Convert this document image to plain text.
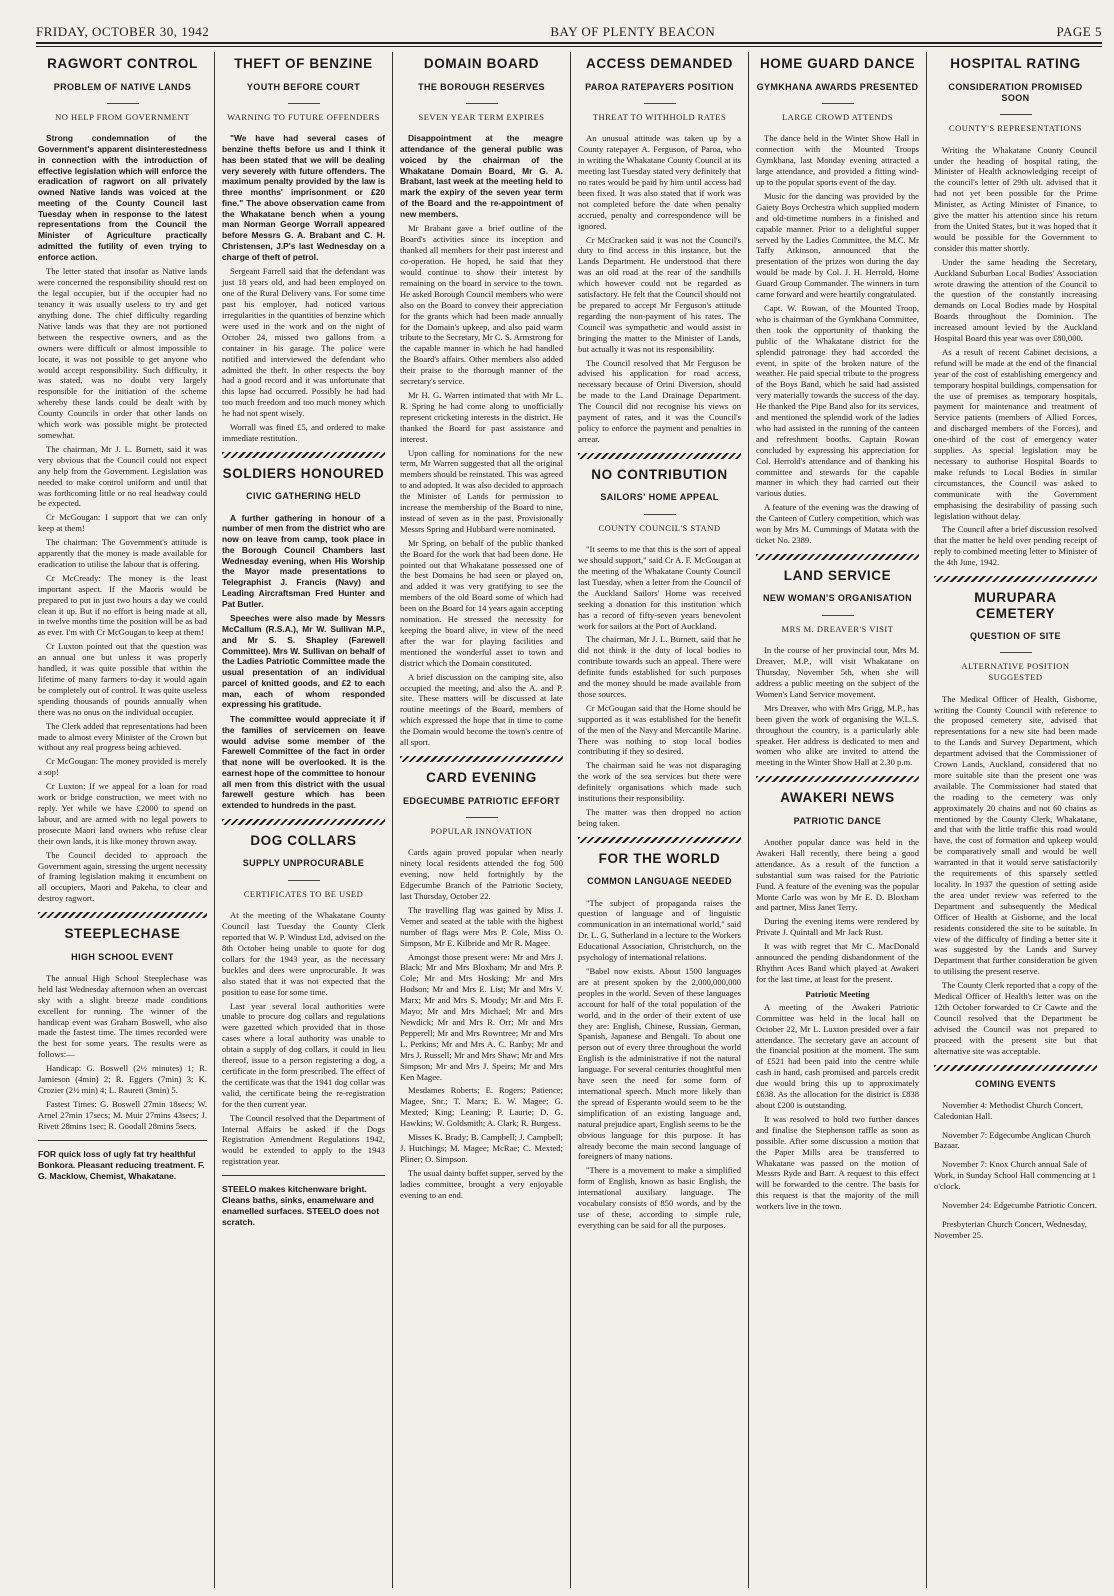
FRIDAY, OCTOBER 30, 1942	BAY OF PLENTY BEACON	PAGE 5
RAGWORT CONTROL
PROBLEM OF NATIVE LANDS
NO HELP FROM GOVERNMENT

Strong condemnation of the Government's apparent disinterestedness in connection with the introduction of effective legislation which will enforce the eradication of ragwort on all privately owned Native lands was voiced at the meeting of the County Council last Tuesday when in response to the latest representations from the Council the Minister of Agriculture practically admitted the futility of even trying to enforce action.

The letter stated that insofar as Native lands were concerned the responsibility should rest on the legal occupier, but if the occupier had no tenancy it was usually useless to try and get anything done. The chief difficulty regarding Native lands was that they are not portioned between the respective owners, and as the owners were difficult or almost impossible to locate, it was not possible to get anyone who would accept responsibility. Such difficulty, it was stated, was no doubt very largely responsible for the initiation of the scheme whereby these lands could be dealt with by County Councils in order that other lands on which work was possible might be protected somewhat.

The chairman, Mr J. L. Burnett, said it was very obvious that the Council could not expect any help from the Government. Legislation was needed to make control uniform and until that was forthcoming little or no real headway could be expected.

Cr McGougan: I support that we can only keep at them!

The chairman: The Government's attitude is apparently that the money is made available for eradication to utilise the labour that is offering.

Cr McCready: The money is the least important aspect. If the Maoris would be prepared to put in just two hours a day we could clean it up. But if no effort is being made at all, in twelve months time the position will be as bad as ever. I'm with Cr McGougan to keep at them!

Cr Luxton pointed out that the question was an annual one but unless it was properly handled, it was quite possible that within the lifetime of many farmers to-day it would again be completely out of control. It was quite useless spending thousands of pounds annually when there was no onus on the individual occupier.

The Clerk added that representations had been made to almost every Minister of the Crown but without any real progress being achieved.

Cr McGougan: The money provided is merely a sop!

Cr Luxton: If we appeal for a loan for road work or bridge construction, we meet with no reply. Yet while we have £2000 to spend on labour, and are armed with no legal powers to prosecute Maori land owners who refuse clear their own lands, it is like money thrown away.

The Council decided to approach the Government again, stressing the urgent necessity of framing legislation making it encumbent on all occupiers, Maori and Pakeha, to clear and destroy ragwort.

STEEPLECHASE
HIGH SCHOOL EVENT

The annual High School Steeplechase was held last Wednesday afternoon when an overcast sky with a slight breeze made conditions excellent for running. The winner of the handicap event was Graham Boswell, who also made the fastest time. The times recorded were the best for some years. The results were as follows:—

Handicap: G. Boswell (2½ minutes) 1; R. Jamieson (4min) 2; R. Eggers (7min) 3; K. Crozier (2½ min) 4; L. Raureti (3min) 5.

Fastest Times: G. Boswell 27min 18secs; W. Arnel 27min 17secs; M. Muir 27mins 43secs; J. Rivett 28mins 1sec; R. Goodall 28mins 5secs.

FOR quick loss of ugly fat try healthful Bonkora. Pleasant reducing treatment. F. G. Macklow, Chemist, Whakatane.

THEFT OF BENZINE
YOUTH BEFORE COURT
WARNING TO FUTURE OFFENDERS

"We have had several cases of benzine thefts before us and I think it has been stated that we will be dealing very severely with future offenders. The maximum penalty provided by the law is three months' imprisonment or £20 fine." The above observation came from the Whakatane bench when a young man Norman George Worrall appeared before Messrs G. A. Brabant and C. H. Christensen, J.P's last Wednesday on a charge of theft of petrol.

Sergeant Farrell said that the defendant was just 18 years old, and had been employed on one of the Rural Delivery vans. For some time past his employer, had noticed various irregularities in the quantities of benzine which were used in the work and on the night of October 24, missed two gallons from a container in his garage. The police were notified and interviewed the defendant who admitted the theft. In other respects the boy had a good record and it was unfortunate that this lapse had occurred. Possibly he had had too much freedom and too much money which he had not spent wisely.

Worrall was fined £5, and ordered to make immediate restitution.

SOLDIERS HONOURED
CIVIC GATHERING HELD

A further gathering in honour of a number of men from the district who are now on leave from camp, took place in the Borough Council Chambers last Wednesday evening, when His Worship the Mayor made presentations to Telegraphist J. Francis (Navy) and Leading Aircraftsman Fred Hunter and Pat Butler.

Speeches were also made by Messrs McCallum (R.S.A.), Mr W. Sullivan M.P., and Mr S. S. Shapley (Farewell Committee). Mrs W. Sullivan on behalf of the Ladies Patriotic Committee made the usual presentation of an individual parcel of knitted goods, and £2 to each man, each of whom responded expressing his gratitude.

The committee would appreciate it if the families of servicemen on leave would advise some member of the Farewell Committee of the fact in order that none will be overlooked. It is the earnest hope of the committee to honour all men from this district with the usual farewell gesture which has been extended to hundreds in the past.

DOG COLLARS
SUPPLY UNPROCURABLE
CERTIFICATES TO BE USED

At the meeting of the Whakatane County Council last Tuesday the County Clerk reported that W. P. Windust Ltd, advised on the 8th October being unable to quote for dog collars for the 1943 year, as the necessary buckles and dees were unprocurable. It was also stated that it was not expected that the position to ease for some time.

Last year several local authorities were unable to procure dog collars and regulations were gazetted which provided that in those cases where a local authority was unable to obtain a supply of dog collars, it could in lieu thereof, issue to a person registering a dog, a certificate in the form prescribed. The effect of the certificate was that the 1941 dog collar was valid, the certificate being the re-registration for the then current year.

The Council resolved that the Department of Internal Affairs be asked if the Dogs Registration Amendment Regulations 1942, would be extended to apply to the 1943 registration year.

STEELO makes kitchenware bright. Cleans baths, sinks, enamelware and enamelled surfaces. STEELO does not scratch.

DOMAIN BOARD
THE BOROUGH RESERVES
SEVEN YEAR TERM EXPIRES

Disappointment at the meagre attendance of the general public was voiced by the chairman of the Whakatane Domain Board, Mr G. A. Brabant, last week at the meeting held to mark the expiry of the seven year term of the Board and the re-appointment of new members.

Mr Brabant gave a brief outline of the Board's activities since its inception and thanked all members for their past interest and co-operation. He hoped, he said that they would continue to show their interest by remaining on the board in service to the town. He asked Borough Council members who were also on the Board to convey their appreciation for the grants which had been made annually for the Domain's upkeep, and also paid warm tribute to the Secretary, Mr C. S. Armstrong for the capable manner in which he had handled the Board's affairs. Other members also added their praise to the thorough manner of the secretary's service.

Mr H. G. Warren intimated that with Mr L. R. Spring he had come along to unofficially represent cricketing interests in the district. He thanked the Board for past assistance and interest.

Upon calling for nominations for the new term, Mr Warren suggested that all the original members should be reinstated. This was agreed to and adopted. It was also decided to approach the Minister of Lands for permission to increase the membership of the Board to nine, instead of seven as in the past. Provisionally Messrs Spring and Hubbard were nominated.

Mr Spring, on behalf of the public thanked the Board for the work that had been done. He pointed out that Whakatane possessed one of the best Domains he had seen or played on, and added it was very gratifying to see the members of the old Board some of which had been on the Board for 14 years again accepting nomination. He stressed the necessity for keeping the board alive, in view of the need after the war for playing facilities and mentioned the wonderful asset to town and district which the Domain constituted.

A brief discussion on the camping site, also occupied the meeting, and also the A. and P. site. These matters will be discussed at late routine meetings of the Board, members of which expressed the hope that in time to come the Domain would become the town's centre of all sport.

CARD EVENING
EDGECUMBE PATRIOTIC EFFORT
POPULAR INNOVATION

Cards again proved popular when nearly ninety local residents attended the fog 500 evening, now held fortnightly by the Edgecumbe Branch of the Patriotic Society, last Thursday, October 22.

The travelling flag was gained by Miss J. Verner and seated at the table with the highest number of flags were Mrs P. Cole, Miss O. Simpson, Mr E. Kilbride and Mr R. Magee.

Amongst those present were: Mr and Mrs J. Black; Mr and Mrs Bloxham; Mr and Mrs P. Cole; Mr and Mrs Hosking; Mr and Mrs Hodson; Mr and Mrs E. List; Mr and Mrs V. Marx; Mr and Mrs S. Moody; Mr and Mrs F. Mayo; Mr and Mrs Michael; Mr and Mrs Newdick; Mr and Mrs R. Orr; Mr and Mrs Pepperell; Mr and Mrs Rowntree; Mr and Mrs L. Perkins; Mr and Mrs A. C. Ranby; Mr and Mrs J. Russell; Mr and Mrs Shaw; Mr and Mrs Simpson; Mr and Mrs J. Speirs; Mr and Mrs Ken Magee.

Mesdames Roberts; E. Rogers; Patience; Magee, Snr.; T. Marx; E. W. Magee; G. Mexted; King; Leaning; P. Laurie; D. G. Hawkins; W. Goldsmith; A. Clark; R. Burgess.

Misses K. Brady; B. Campbell; J. Campbell; J. Hutchings; M. Magee; McRae; C. Mexted; Pliner; O. Simpson.

The usual dainty buffet supper, served by the ladies committee, brought a very enjoyable evening to an end.

ACCESS DEMANDED
PAROA RATEPAYERS POSITION
THREAT TO WITHHOLD RATES

An unusual attitude was taken up by a County ratepayer A. Ferguson, of Paroa, who in writing the Whakatane County Council at its meeting last Tuesday stated very definitely that no rates would be paid by him until access had been fixed. It was also stated that if work was not completed before the date when penalty accrued, penalty and correspondence will be ignored.

Cr McCracken said it was not the Council's duty to find access in this instance, but the Lands Department. He understood that there was an old road at the rear of the sandhills which however could not be regarded as satisfactory. He felt that the Council should not be prepared to accept Mr Ferguson's attitude regarding the non-payment of his rates. The Council was sympathetic and would assist in bringing the matter to the Minister of Lands, but actually it was not its responsibility.

The Council resolved that Mr Ferguson be advised his application for road access, necessary because of Orini Diversion, should be made to the Land Drainage Department. The Council did not recognise his views on payment of rates, and it was the Council's policy to enforce the payment and penalties in arrear.

NO CONTRIBUTION
SAILORS' HOME APPEAL
COUNTY COUNCIL'S STAND

"It seems to me that this is the sort of appeal we should support," said Cr A. F. McGougan at the meeting of the Whakatane County Council last Tuesday, when a letter from the Council of the Auckland Sailors' Home was received seeking a donation for this institution which has a record of fifty-seven years benevolent work for sailors at the Port of Auckland.

The chairman, Mr J. L. Burnett, said that he did not think it the duty of local bodies to contribute towards such an appeal. There were definite funds established for such purposes and the money should be made available from those sources.

Cr McGougan said that the Home should be supported as it was established for the benefit of the men of the Navy and Mercantile Marine. There was nothing to stop local bodies contributing if they so desired.

The chairman said he was not disparaging the work of the sea services but there were definitely organisations which made such institutions their responsibility.

The matter was then dropped no action being taken.

FOR THE WORLD
COMMON LANGUAGE NEEDED

"The subject of propaganda raises the question of language and of linguistic communication in an international world," said Dr. L. G. Sutherland in a lecture to the Workers Educational Association, Christchurch, on the psychology of international relations.

"Babel now exists. About 1500 languages are at present spoken by the 2,000,000,000 peoples in the world. Seven of these languages account for half of the total population of the world, and in the order of their extent of use they are: English, Chinese, Russian, German, Spanish, Japanese and Bengali. To about one person out of every three throughout the world English is the administrative if not the natural language. For several centuries thoughtful men have seen the need for some form of international speech. Much more likely than the spread of Esperanto would seem to be the simplification of an existing language and, natural prejudice apart, English seems to be the obvious language for this purpose. It has already become the main second language of foreigners of many nations.

"There is a movement to make a simplified form of English, known as basic English, the international auxiliary language. The vocabulary consists of 850 words, and by the use of these, according to simple rule, everything can be said for all the purposes.

HOME GUARD DANCE
GYMKHANA AWARDS PRESENTED
LARGE CROWD ATTENDS

The dance held in the Winter Show Hall in connection with the Mounted Troops Gymkhana, last Monday evening attracted a large attendance, and provided a fitting wind-up to the popular sports event of the day.

Music for the dancing was provided by the Gaiety Boys Orchestra which supplied modern and old-timetime numbers in a finished and capable manner. Prior to a delightful supper served by the Ladies Committee, the M.C. Mr Taffy Atkinson, announced that the presentation of the prizes won during the day would be made by Col. J. H. Herrold, Home Guard Group Commander. The winners in turn came forward and were heartily congratulated.

Capt. W. Rowan, of the Mounted Troop, who is chairman of the Gymkhana Committee, then took the opportunity of thanking the public of the Whakatane district for the splendid patronage they had accorded the event, in spite of the broken nature of the weather. He paid special tribute to the progress of the Boys Band, which he said had assisted very materially towards the success of the day. He thanked the Pipe Band also for its services, and mentioned the splendid work of the ladies who had assisted in the running of the canteen and refreshment booths. Captain Rowan concluded by expressing his appreciation for Col. Herrold's attendance and of thanking his committee and stewards for the capable manner in which they had carried out their various duties.

A feature of the evening was the drawing of the Canteen of Cutlery competition, which was won by Mrs M. Cummings of Matata with the ticket No. 2389.

LAND SERVICE
NEW WOMAN'S ORGANISATION
MRS M. DREAVER'S VISIT

In the course of her provincial tour, Mrs M. Dreaver, M.P., will visit Whakatane on Thursday, November 5th, when she will address a public meeting on the subject of the Women's Land Service movement.

Mrs Dreaver, who with Mrs Grigg, M.P., has been given the work of organising the W.L.S. throughout the country, is a particularly able speaker. Her address is dedicated to men and women who alike are invited to attend the meeting in the Winter Show Hall at 2.30 p.m.

AWAKERI NEWS
PATRIOTIC DANCE

Another popular dance was held in the Awakeri Hall recently, there being a good attendance. As a result of the function a substantial sum was raised for the Patriotic Fund. A feature of the evening was the popular Monte Carlo was won by Mr E. D. Bloxham and partner, Miss Janet Terry.

During the evening items were rendered by Private J. Quintall and Mr Jack Rust.

It was with regret that Mr C. MacDonald announced the pending disbandonment of the Rhythm Aces Band which played at Awakeri for the last time, at least for the present.

Patriotic Meeting

A meeting of the Awakeri Patriotic Committee was held in the local hall on October 22, Mr L. Luxton presided over a fair attendance. The secretary gave an account of the financial position at the moment. The sum of £521 had been paid into the centre while cash in hand, cash promised and parcels credit due would bring this up to approximately £638. As the allocation for the district is £838 about £200 is outstanding.

It was resolved to hold two further dances and finalise the Stephenson raffle as soon as possible. After some discussion a motion that the Paper Mills area be transferred to Whakatane was passed on the motion of Messrs Ryde and Barr. A request to this effect will be forwarded to the centre. The basis for this request is that the majority of the mill workers live in the town.

HOSPITAL RATING
CONSIDERATION PROMISED SOON
COUNTY'S REPRESENTATIONS

Writing the Whakatane County Council under the heading of hospital rating, the Minister of Health acknowledging receipt of the council's letter of 29th ult. advised that it had not yet been possible for the Prime Minister, as Acting Minister of Finance, to give the matter his attention since his return from the United States, but it was hoped that it would be possible for the Government to consider this matter shortly.

Under the same heading the Secretary, Auckland Suburban Local Bodies' Association wrote drawing the attention of the Council to the question of the constantly increasing demands on Local Bodies made by Hospital Boards throughout the Dominion. The increased amount levied by the Auckland Hospital Board this year was over £80,000.

As a result of recent Cabinet decisions, a refund will be made at the end of the financial year of the cost of establishing emergency and temporary hospital buildings, compensation for the use of premises as temporary hospitals, payment for maintenance and treatment of Service patients (members of Allied Forces, and discharged members of the Forces), and one-third of the cost of emergency water supplies. As special legislation may be necessary to authorise Hospital Boards to make refunds to Local Bodies in similar circumstances, the Council was asked to communicate with the Government emphasising the desirability of passing such legislation without delay.

The Council after a brief discussion resolved that the matter be held over pending receipt of reply to combined meeting letter to Minister of the 4th June, 1942.

MURUPARA CEMETERY
QUESTION OF SITE
ALTERNATIVE POSITION SUGGESTED

The Medical Officer of Health, Gisborne, writing the County Council with reference to the proposed cemetery site, advised that representations for a new site had been made to the Lands and Survey Department, which department advised that the Commissioner of Crown Lands, Auckland, considered that no more suitable site than the present one was available. The Commissioner had stated that the roading to the cemetery was only approximately 20 chains and not 60 chains as mentioned by the County Clerk, Whakatane, and that with the little traffic this road would have, the cost of formation and upkeep would be comparatively small and would be well warranted in that it would serve satisfactorily the requirements of this sparsely settled locality. In 1937 the question of setting aside the area under review was referred to the Department and subsequently the Medical Officer of Health at Gisborne, and the local residents considered the site to be suitable. In view of the difficulty of finding a better site it was suggested by the Lands and Survey Department that further consideration be given to utilising the present reserve.

The County Clerk reported that a copy of the Medical Officer of Health's letter was on the 12th October forwarded to Cr Cawte and the Council resolved that the Department be advised the Council was not prepared to proceed with the present site but that alternative site was acceptable.

COMING EVENTS

November 4: Methodist Church Concert, Caledonian Hall.

November 7: Edgecumbe Anglican Church Bazaar.

November 7: Knox Church annual Sale of Work, in Sunday School Hall commencing at 1 o'clock.

November 24: Edgecumbe Patriotic Concert.

Presbyterian Church Concert, Wednesday, November 25.
